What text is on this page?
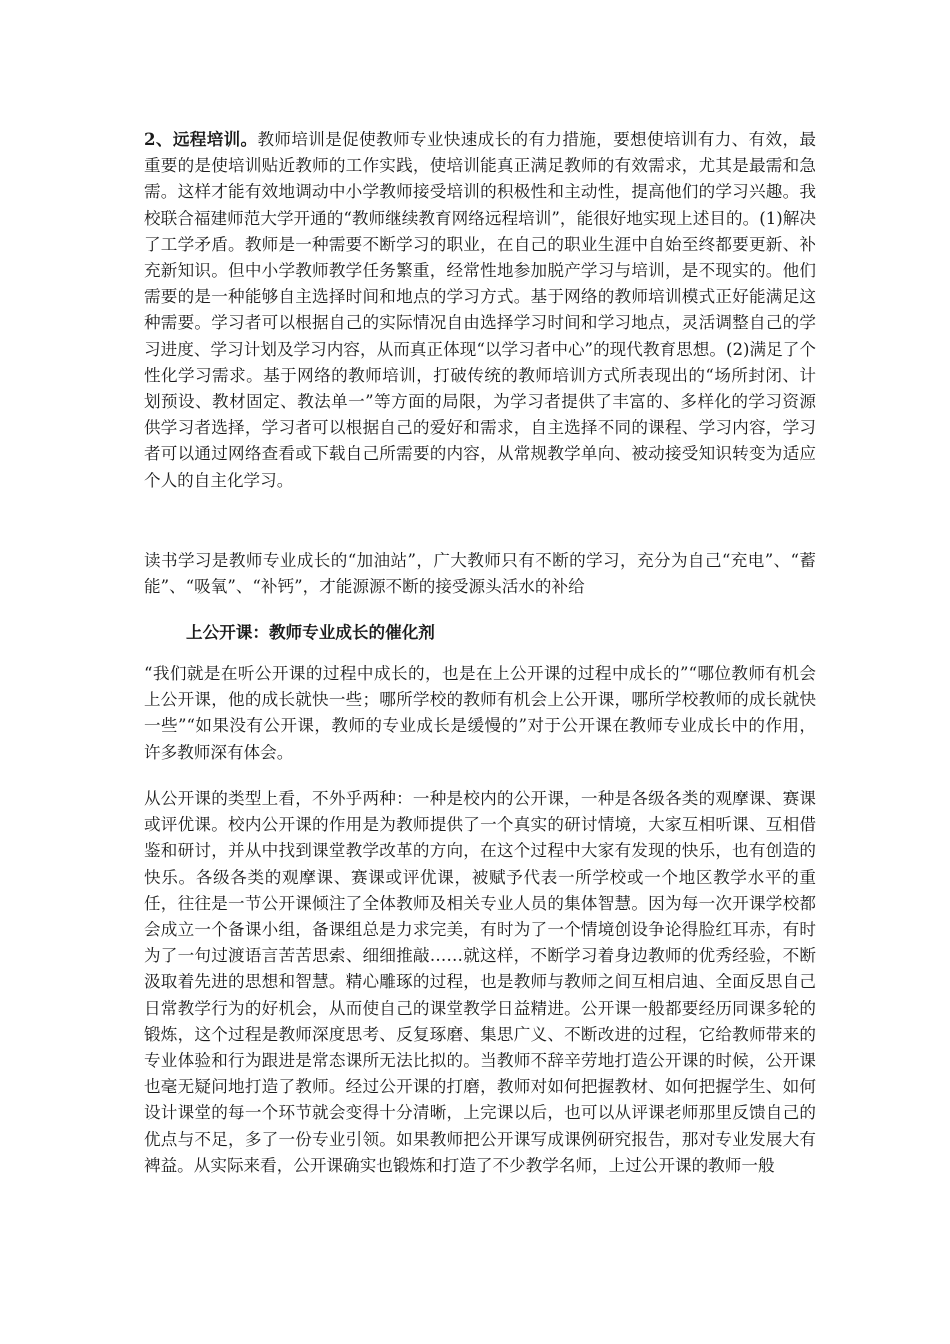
2、远程培训。教师培训是促使教师专业快速成长的有力措施，要想使培训有力、有效，最重要的是使培训贴近教师的工作实践，使培训能真正满足教师的有效需求，尤其是最需和急需。这样才能有效地调动中小学教师接受培训的积极性和主动性，提高他们的学习兴趣。我校联合福建师范大学开通的“教师继续教育网络远程培训”，能很好地实现上述目的。(1)解决了工学矛盾。教师是一种需要不断学习的职业，在自己的职业生涯中自始至终都要更新、补充新知识。但中小学教师教学任务繁重，经常性地参加脱产学习与培训，是不现实的。他们需要的是一种能够自主选择时间和地点的学习方式。基于网络的教师培训模式正好能满足这种需要。学习者可以根据自己的实际情况自由选择学习时间和学习地点，灵活调整自己的学习进度、学习计划及学习内容，从而真正体现“以学习者中心”的现代教育思想。(2)满足了个性化学习需求。基于网络的教师培训，打破传统的教师培训方式所表现出的“场所封闭、计划预设、教材固定、教法单一”等方面的局限，为学习者提供了丰富的、多样化的学习资源供学习者选择，学习者可以根据自己的爱好和需求，自主选择不同的课程、学习内容，学习者可以通过网络查看或下载自己所需要的内容，从常规教学单向、被动接受知识转变为适应个人的自主化学习。

读书学习是教师专业成长的“加油站”，广大教师只有不断的学习，充分为自己“充电”、“蓄能”、“吸氧”、“补钙”，才能源源不断的接受源头活水的补给

上公开课：教师专业成长的催化剂

“我们就是在听公开课的过程中成长的，也是在上公开课的过程中成长的”“哪位教师有机会上公开课，他的成长就快一些；哪所学校的教师有机会上公开课，哪所学校教师的成长就快一些”“如果没有公开课，教师的专业成长是缓慢的”对于公开课在教师专业成长中的作用，许多教师深有体会。

从公开课的类型上看，不外乎两种：一种是校内的公开课，一种是各级各类的观摩课、赛课或评优课。校内公开课的作用是为教师提供了一个真实的研讨情境，大家互相听课、互相借鉴和研讨，并从中找到课堂教学改革的方向，在这个过程中大家有发现的快乐，也有创造的快乐。各级各类的观摩课、赛课或评优课，被赋予代表一所学校或一个地区教学水平的重任，往往是一节公开课倾注了全体教师及相关专业人员的集体智慧。因为每一次开课学校都会成立一个备课小组，备课组总是力求完美，有时为了一个情境创设争论得脸红耳赤，有时为了一句过渡语言苦苦思索、细细推敲……就这样，不断学习着身边教师的优秀经验，不断汲取着先进的思想和智慧。精心雕琢的过程，也是教师与教师之间互相启迪、全面反思自己日常教学行为的好机会，从而使自己的课堂教学日益精进。公开课一般都要经历同课多轮的锻炼，这个过程是教师深度思考、反复琢磨、集思广义、不断改进的过程，它给教师带来的专业体验和行为跟进是常态课所无法比拟的。当教师不辞辛劳地打造公开课的时候，公开课也毫无疑问地打造了教师。经过公开课的打磨，教师对如何把握教材、如何把握学生、如何设计课堂的每一个环节就会变得十分清晰，上完课以后，也可以从评课老师那里反馈自己的优点与不足，多了一份专业引领。如果教师把公开课写成课例研究报告，那对专业发展大有裨益。从实际来看，公开课确实也锻炼和打造了不少教学名师，上过公开课的教师一般
